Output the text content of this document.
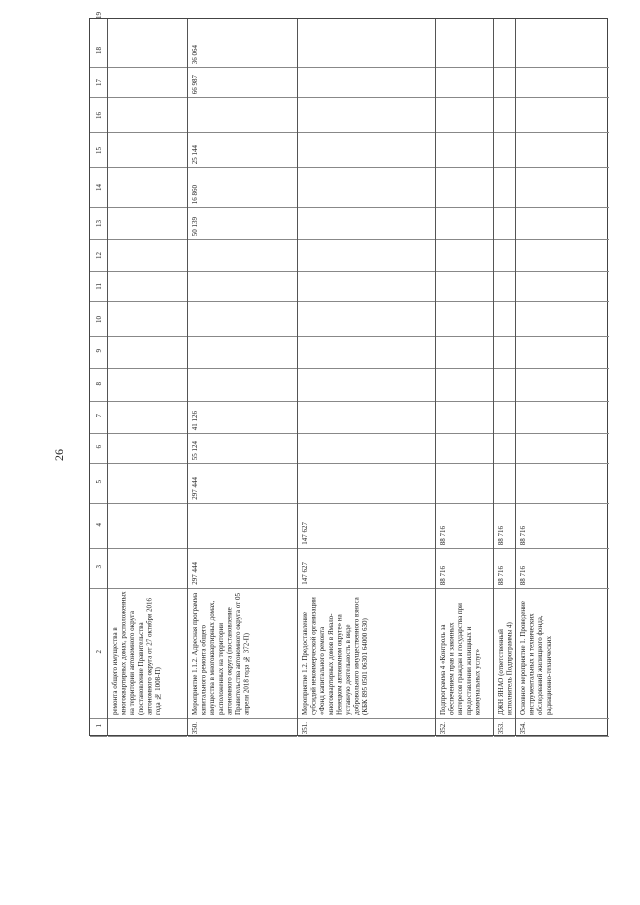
26
1
2
3
4
5
6
7
8
9
10
11
12
13
14
15
16
17
18
19
ремонта общего имущества в многоквартирных домах, расположенных на территории автономного округа (постановление Правительства автономного округа от 27 октября 2016 года № 1008-П)
350.
Мероприятие 1.1.2. Адресная программа капитального ремонта общего имущества в многоквартирных домах, расположенных на территории автономного округа (постановление Правительства автономного округа от 05 апреля 2018 года № 372-П)
297 444
297 444
55 124
41 126
50 139
16 860
25 144
66 987
36 064
351.
Мероприятие 1.2. Предоставление субсидий некоммерческой организации «Фонд капитального ремонта многоквартирных домов в Ямало-Ненецком автономном округе» на уставную деятельность в виде добровольного имущественного взноса (КБК 895 0501 06301 64000 630)
147 627
147 627
352.
Подпрограмма 4 «Контроль за обеспечением прав и законных интересов граждан и государства при предоставлении жилищных и коммунальных услуг»
88 716
88 716
353.
ДЖН ЯНАО (ответственный исполнитель Подпрограммы 4)
88 716
88 716
354.
Основное мероприятие 1. Проведение инструментальных и технических обследований жилищного фонда, радиационно-технических
88 716
88 716
